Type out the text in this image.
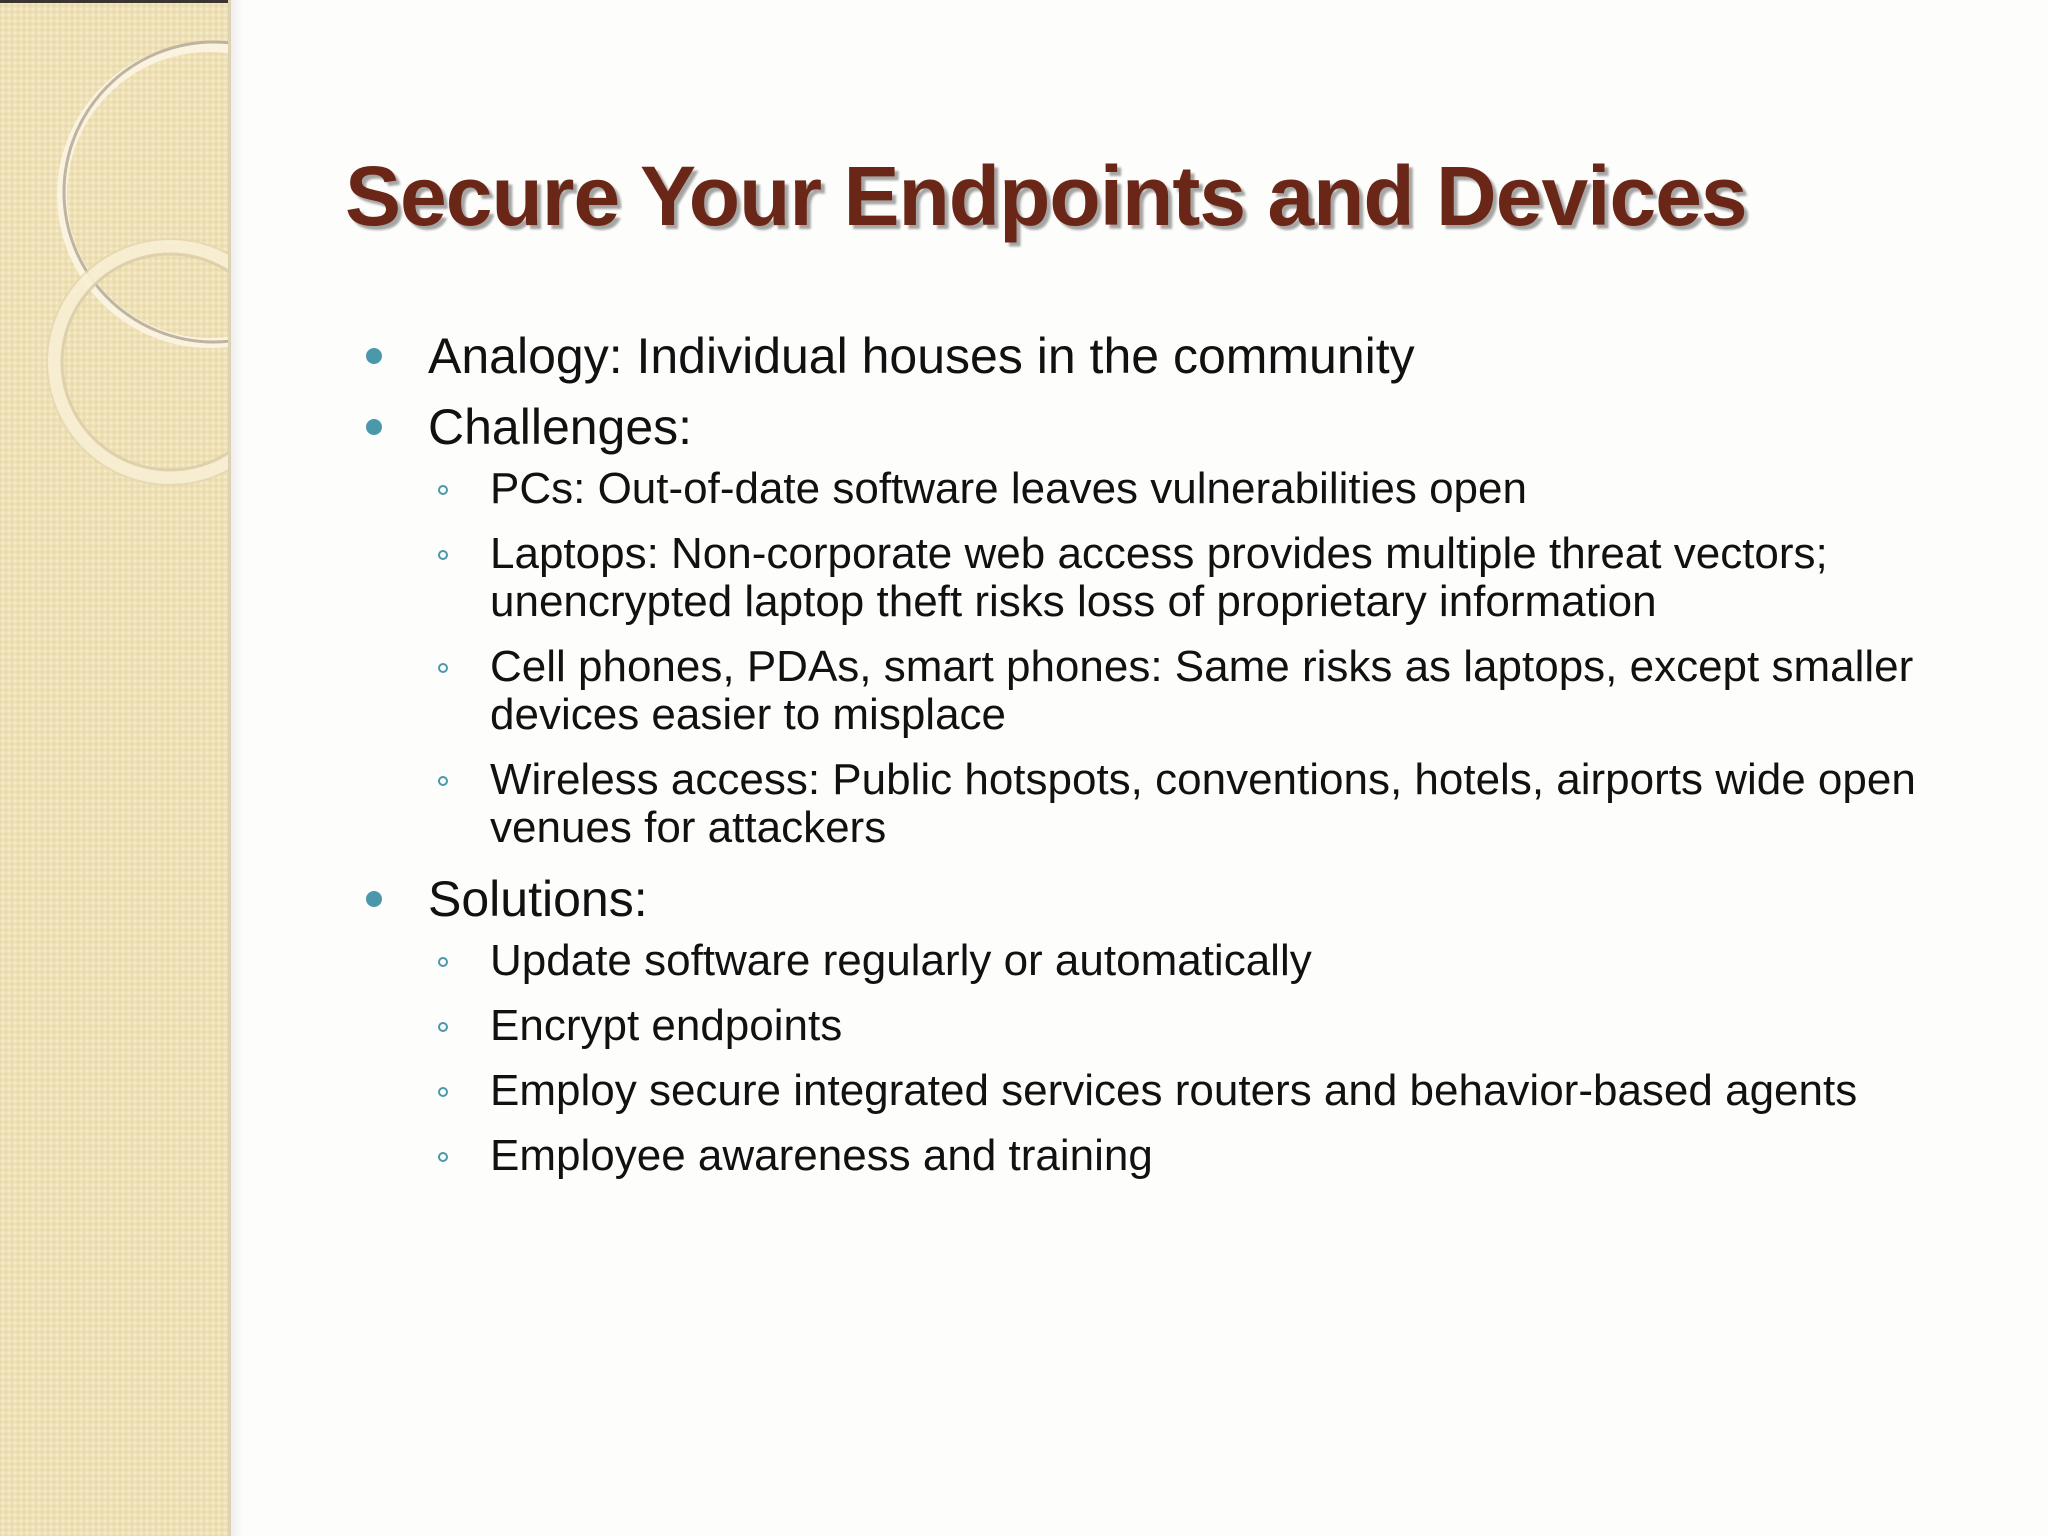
Secure Your Endpoints and Devices
Analogy: Individual houses in the community
Challenges:
PCs: Out-of-date software leaves vulnerabilities open
Laptops: Non-corporate web access provides multiple threat vectors; unencrypted laptop theft risks loss of proprietary information
Cell phones, PDAs, smart phones: Same risks as laptops, except smaller devices easier to misplace
Wireless access: Public hotspots, conventions, hotels, airports wide open venues for attackers
Solutions:
Update software regularly or automatically
Encrypt endpoints
Employ secure integrated services routers and behavior-based agents
Employee awareness and training
